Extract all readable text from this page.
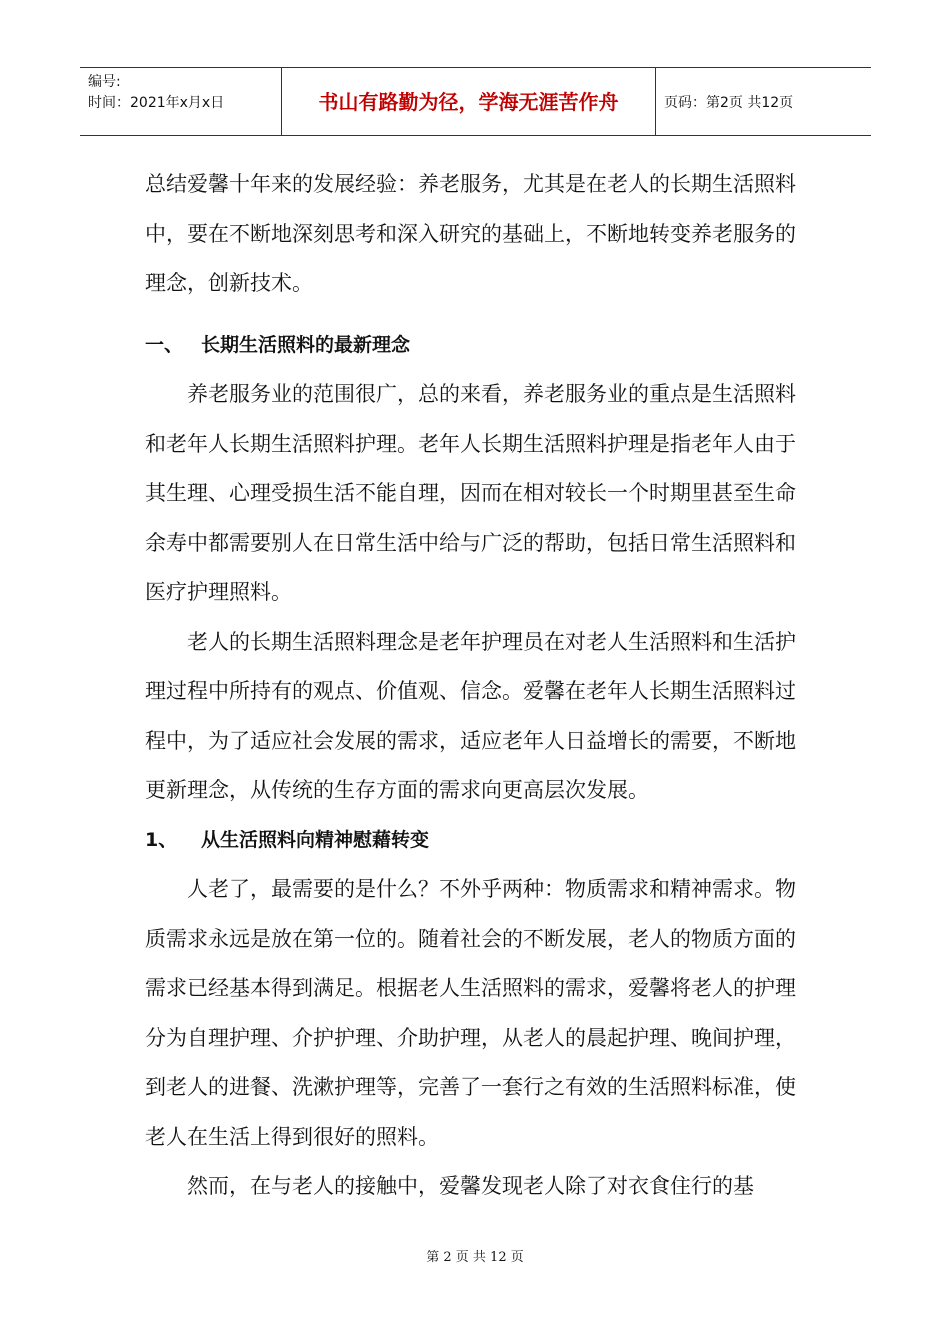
编号:
时间：2021年x月x日	书山有路勤为径，学海无涯苦作舟	页码：第2页 共12页

总结爱馨十年来的发展经验：养老服务，尤其是在老人的长期生活照料中，要在不断地深刻思考和深入研究的基础上，不断地转变养老服务的理念，创新技术。

一、 长期生活照料的最新理念

养老服务业的范围很广，总的来看，养老服务业的重点是生活照料和老年人长期生活照料护理。老年人长期生活照料护理是指老年人由于其生理、心理受损生活不能自理，因而在相对较长一个时期里甚至生命余寿中都需要别人在日常生活中给与广泛的帮助，包括日常生活照料和医疗护理照料。

老人的长期生活照料理念是老年护理员在对老人生活照料和生活护理过程中所持有的观点、价值观、信念。爱馨在老年人长期生活照料过程中，为了适应社会发展的需求，适应老年人日益增长的需要，不断地更新理念，从传统的生存方面的需求向更高层次发展。

1、	从生活照料向精神慰藉转变

人老了，最需要的是什么？不外乎两种：物质需求和精神需求。物质需求永远是放在第一位的。随着社会的不断发展，老人的物质方面的需求已经基本得到满足。根据老人生活照料的需求，爱馨将老人的护理分为自理护理、介护护理、介助护理，从老人的晨起护理、晚间护理，到老人的进餐、洗漱护理等，完善了一套行之有效的生活照料标准，使老人在生活上得到很好的照料。

然而，在与老人的接触中，爱馨发现老人除了对衣食住行的基

第 2 页 共 12 页
